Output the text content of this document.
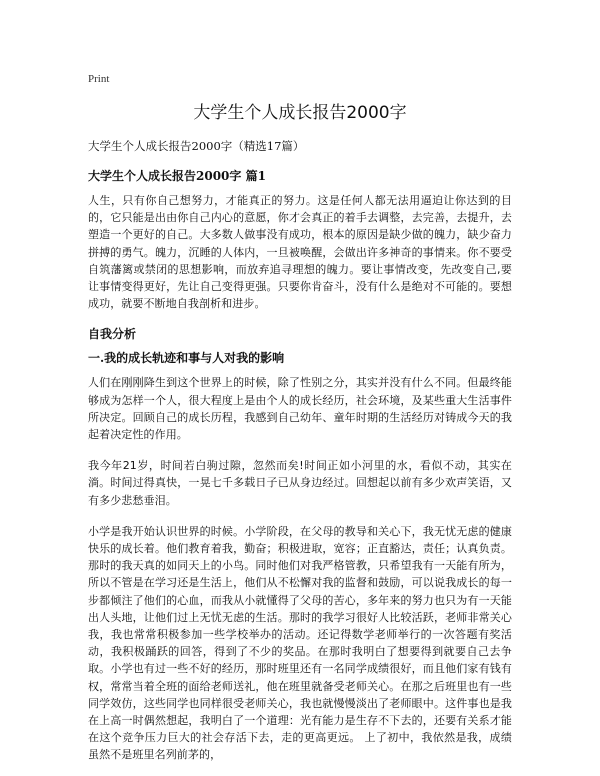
Print
大学生个人成长报告2000字

大学生个人成长报告2000字（精选17篇）

大学生个人成长报告2000字 篇1

人生，只有你自己想努力，才能真正的努力。这是任何人都无法用逼迫让你达到的目的，它只能是出由你自己内心的意愿，你才会真正的着手去调整，去完善，去提升，去塑造一个更好的自己。大多数人做事没有成功，根本的原因是缺少做的魄力，缺少奋力拼搏的勇气。魄力，沉睡的人体内，一旦被唤醒，会做出许多神奇的事情来。你不要受自筑藩篱或禁闭的思想影响，而放弃追寻理想的魄力。要让事情改变，先改变自己,要让事情变得更好，先让自己变得更强。只要你肯奋斗，没有什么是绝对不可能的。要想成功，就要不断地自我剖析和进步。

自我分析
一.我的成长轨迹和事与人对我的影响

人们在刚刚降生到这个世界上的时候，除了性别之分，其实并没有什么不同。但最终能够成为怎样一个人，很大程度上是由个人的成长经历，社会环境，及某些重大生活事件所决定。回顾自己的成长历程，我感到自己幼年、童年时期的生活经历对铸成今天的我起着决定性的作用。

我今年21岁，时间若白驹过隙，忽然而矣!时间正如小河里的水，看似不动，其实在淌。时间过得真快，一晃七千多载日子已从身边经过。回想起以前有多少欢声笑语，又有多少悲愁垂泪。

小学是我开始认识世界的时候。小学阶段，在父母的教导和关心下，我无忧无虑的健康快乐的成长着。他们教育着我，勤奋；积极进取，宽容；正直豁达，责任；认真负责。那时的我天真的如同天上的小鸟。同时他们对我严格管教，只希望我有一天能有所为，所以不管是在学习还是生活上，他们从不松懈对我的监督和鼓励，可以说我成长的每一步都倾注了他们的心血，而我从小就懂得了父母的苦心，多年来的努力也只为有一天能出人头地，让他们过上无忧无虑的生活。那时的我学习很好人比较活跃，老师非常关心我，我也常常积极参加一些学校举办的活动。还记得数学老师举行的一次答题有奖活动，我积极踊跃的回答，得到了不少的奖品。在那时我明白了想要得到就要自己去争取。小学也有过一些不好的经历，那时班里还有一名同学成绩很好，而且他们家有钱有权，常常当着全班的面给老师送礼，他在班里就备受老师关心。在那之后班里也有一些同学效仿，这些同学也同样很受老师关心，我也就慢慢淡出了老师眼中。这件事也是我在上高一时偶然想起，我明白了一个道理：光有能力是生存不下去的，还要有关系才能在这个竞争压力巨大的社会存活下去，走的更高更远。 上了初中，我依然是我，成绩虽然不是班里名列前茅的，
